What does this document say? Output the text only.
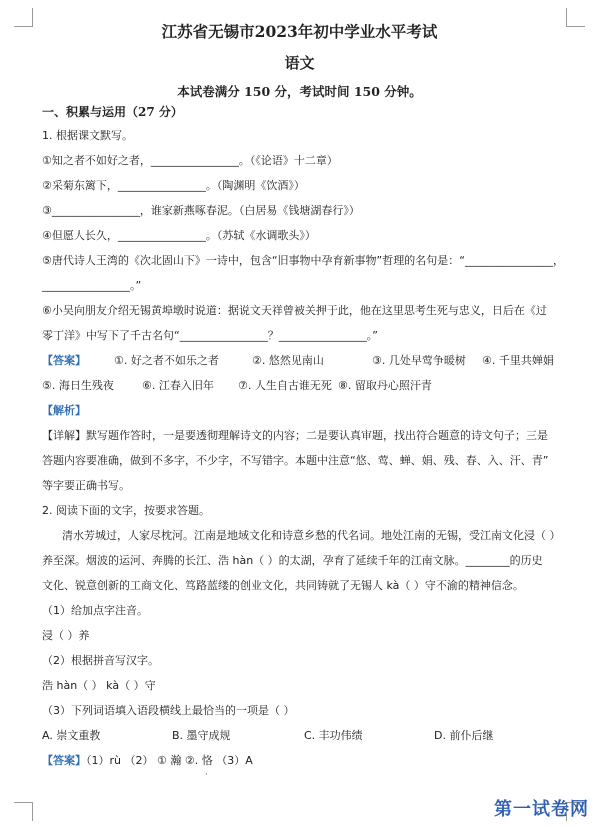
江苏省无锡市2023年初中学业水平考试
语文
本试卷满分 150 分，考试时间 150 分钟。
一、积累与运用（27 分）
1. 根据课文默写。
①知之者不如好之者，________________。（《论语》十二章）
②采菊东篱下，________________。（陶渊明《饮酒》）
③________________，谁家新燕啄春泥。（白居易《钱塘湖春行》）
④但愿人长久，________________。（苏轼《水调歌头》）
⑤唐代诗人王湾的《次北固山下》一诗中，包含“旧事物中孕育新事物”哲理的名句是：“________________，
________________。”
⑥小吴向朋友介绍无锡黄埠墩时说道：据说文天祥曾被关押于此，他在这里思考生死与忠义，日后在《过
零丁洋》中写下了千古名句“________________？________________。”
【答案】	①. 好之者不如乐之者	②. 悠然见南山	③. 几处早莺争暖树 ④. 千里共婵娟
⑤. 海日生残夜	⑥. 江春入旧年 ⑦. 人生自古谁无死 ⑧. 留取丹心照汗青
【解析】
【详解】默写题作答时，一是要透彻理解诗文的内容；二是要认真审题，找出符合题意的诗文句子；三是
答题内容要准确，做到不多字，不少字，不写错字。本题中注意“悠、莺、蝉、娟、残、春、入、汗、青”
等字要正确书写。
2. 阅读下面的文字，按要求答题。
清水芳城过，人家尽枕河。江南是地域文化和诗意乡愁的代名词。地处江南的无锡，受江南文化浸（ ）
养至深。烟波的运河、奔腾的长江、浩 hàn（ ）的太湖，孕育了延续千年的江南文脉。________的历史
文化、锐意创新的工商文化、笃路蓝缕的创业文化，共同铸就了无锡人 kà（ ）守不渝的精神信念。
（1）给加点字注音。
浸（ ）养
（2）根据拼音写汉字。
浩 hàn（ ） kà（ ）守
（3）下列词语填入语段横线上最恰当的一项是（ ）
A. 崇文重教	B. 墨守成规	C. 丰功伟绩	D. 前仆后继
【答案】（1）rù （2） ① 瀚 ②. 恪 （3）A
·
第一试卷网
